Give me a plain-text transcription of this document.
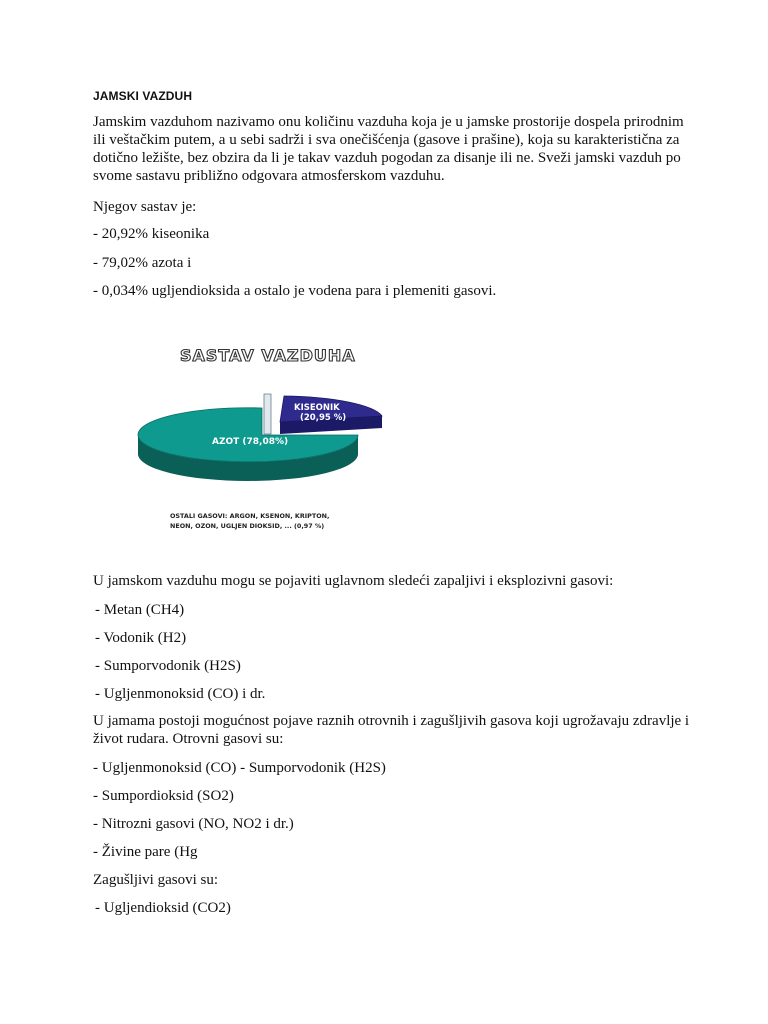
JAMSKI VAZDUH

Jamskim vazduhom nazivamo onu količinu vazduha koja je u jamske prostorije dospela prirodnim ili veštačkim putem, a u sebi sadrži i sva onečišćenja (gasove i prašine), koja su karakteristična za dotično ležište, bez obzira da li je takav vazduh pogodan za disanje ili ne. Sveži jamski vazduh po svome sastavu približno odgovara atmosferskom vazduhu.

Njegov sastav je:
- 20,92% kiseonika
- 79,02% azota i
- 0,034% ugljendioksida a ostalo je vodena para i plemeniti gasovi.
SASTAV VAZDUHA
AZOT (78,08%)
KISEONIK
(20,95 %)
OSTALI GASOVI: ARGON, KSENON, KRIPTON,
NEON, OZON, UGLJEN DIOKSID, ... (0,97 %)
U jamskom vazduhu mogu se pojaviti uglavnom sledeći zapaljivi i eksplozivni gasovi:
- Metan (CH4)
- Vodonik (H2)
- Sumporvodonik (H2S)
- Ugljenmonoksid (CO) i dr.

U jamama postoji mogućnost pojave raznih otrovnih i zagušljivih gasova koji ugrožavaju zdravlje i život rudara. Otrovni gasovi su:

- Ugljenmonoksid (CO) - Sumporvodonik (H2S)
- Sumpordioksid (SO2)
- Nitrozni gasovi (NO, NO2 i dr.)
- Živine pare (Hg
Zagušljivi gasovi su:
- Ugljendioksid (CO2)
